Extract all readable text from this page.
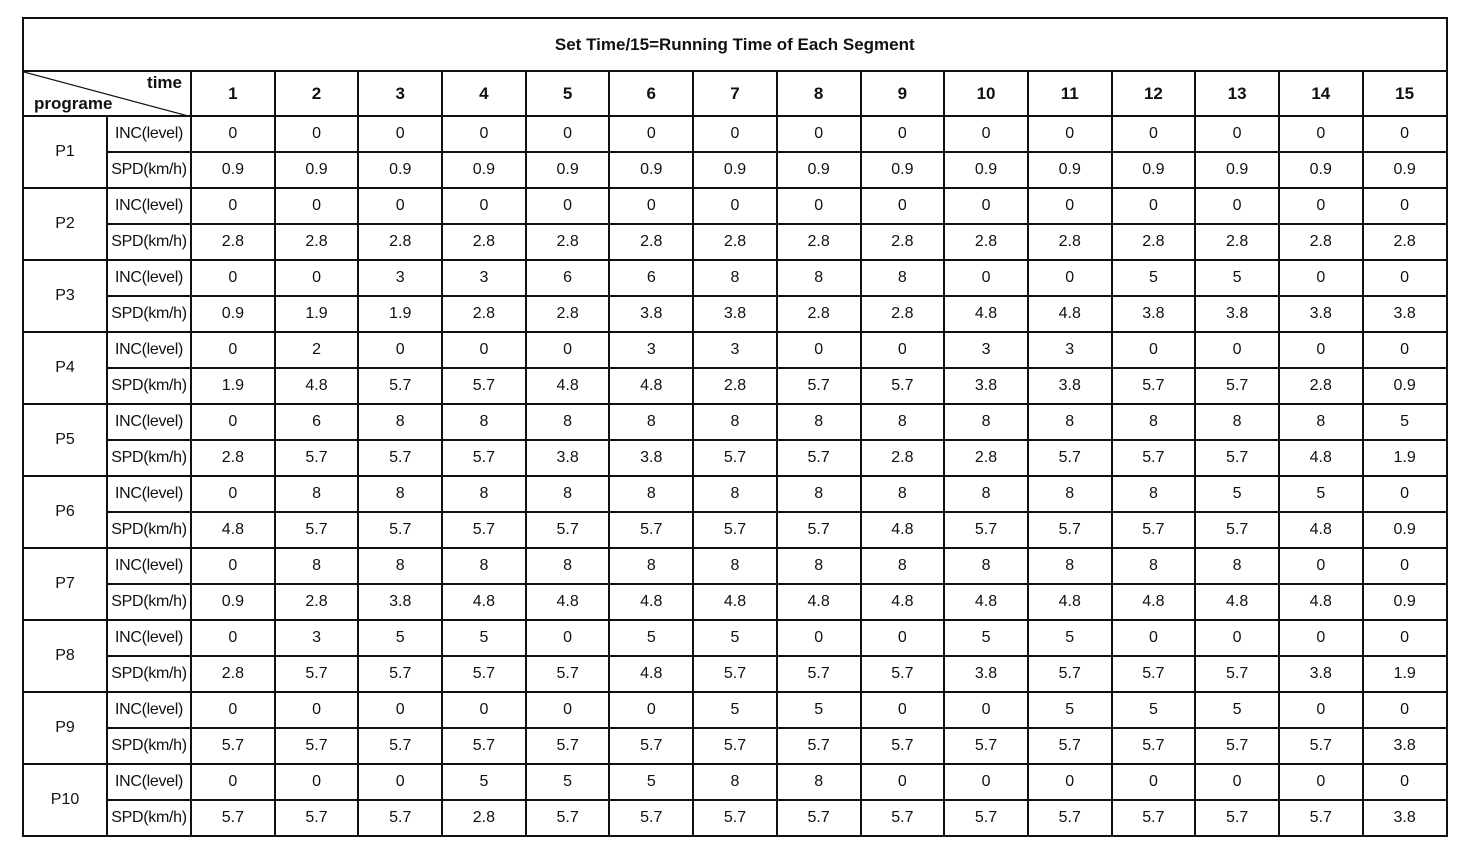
Set Time/15=Running Time of Each Segment																

time
programe		1	2	3	4	5	6	7	8	9	10	11	12	13	14	15
P1	INC(level)	0	0	0	0	0	0	0	0	0	0	0	0	0	0	0
	SPD(km/h)	0.9	0.9	0.9	0.9	0.9	0.9	0.9	0.9	0.9	0.9	0.9	0.9	0.9	0.9	0.9
P2	INC(level)	0	0	0	0	0	0	0	0	0	0	0	0	0	0	0
	SPD(km/h)	2.8	2.8	2.8	2.8	2.8	2.8	2.8	2.8	2.8	2.8	2.8	2.8	2.8	2.8	2.8
P3	INC(level)	0	0	3	3	6	6	8	8	8	0	0	5	5	0	0
	SPD(km/h)	0.9	1.9	1.9	2.8	2.8	3.8	3.8	2.8	2.8	4.8	4.8	3.8	3.8	3.8	3.8
P4	INC(level)	0	2	0	0	0	3	3	0	0	3	3	0	0	0	0
	SPD(km/h)	1.9	4.8	5.7	5.7	4.8	4.8	2.8	5.7	5.7	3.8	3.8	5.7	5.7	2.8	0.9
P5	INC(level)	0	6	8	8	8	8	8	8	8	8	8	8	8	8	5
	SPD(km/h)	2.8	5.7	5.7	5.7	3.8	3.8	5.7	5.7	2.8	2.8	5.7	5.7	5.7	4.8	1.9
P6	INC(level)	0	8	8	8	8	8	8	8	8	8	8	8	5	5	0
	SPD(km/h)	4.8	5.7	5.7	5.7	5.7	5.7	5.7	5.7	4.8	5.7	5.7	5.7	5.7	4.8	0.9
P7	INC(level)	0	8	8	8	8	8	8	8	8	8	8	8	8	0	0
	SPD(km/h)	0.9	2.8	3.8	4.8	4.8	4.8	4.8	4.8	4.8	4.8	4.8	4.8	4.8	4.8	0.9
P8	INC(level)	0	3	5	5	0	5	5	0	0	5	5	0	0	0	0
	SPD(km/h)	2.8	5.7	5.7	5.7	5.7	4.8	5.7	5.7	5.7	3.8	5.7	5.7	5.7	3.8	1.9
P9	INC(level)	0	0	0	0	0	0	5	5	0	0	5	5	5	0	0
	SPD(km/h)	5.7	5.7	5.7	5.7	5.7	5.7	5.7	5.7	5.7	5.7	5.7	5.7	5.7	5.7	3.8
P10	INC(level)	0	0	0	5	5	5	8	8	0	0	0	0	0	0	0
	SPD(km/h)	5.7	5.7	5.7	2.8	5.7	5.7	5.7	5.7	5.7	5.7	5.7	5.7	5.7	5.7	3.8
